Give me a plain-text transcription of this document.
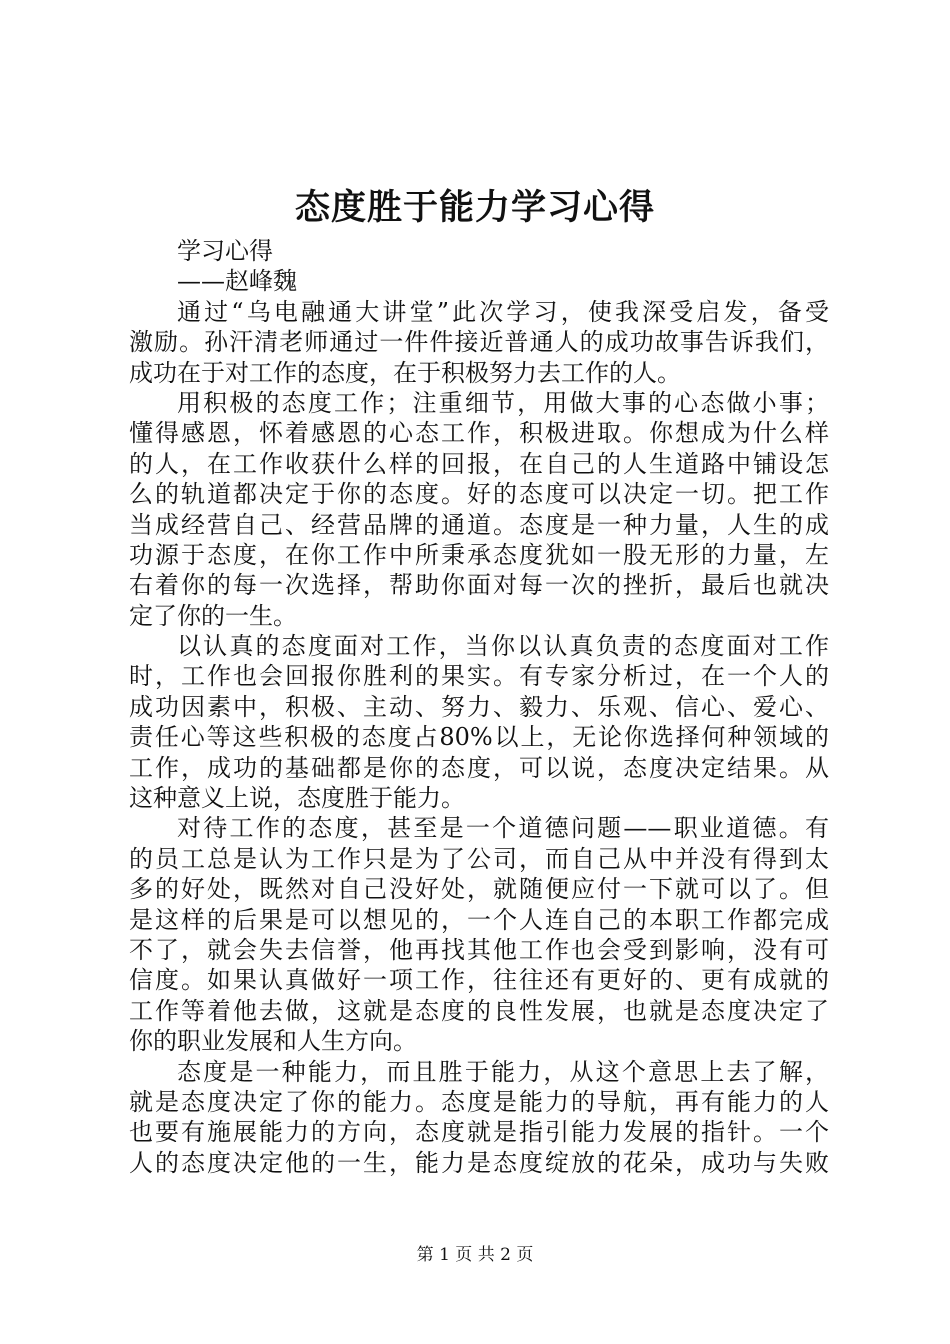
态度胜于能力学习心得
学习心得
——赵峰魏
通过“乌电融通大讲堂”此次学习，使我深受启发，备受
激励。孙汗清老师通过一件件接近普通人的成功故事告诉我们，
成功在于对工作的态度，在于积极努力去工作的人。
用积极的态度工作；注重细节，用做大事的心态做小事；
懂得感恩，怀着感恩的心态工作，积极进取。你想成为什么样
的人，在工作收获什么样的回报，在自己的人生道路中铺设怎
么的轨道都决定于你的态度。好的态度可以决定一切。把工作
当成经营自己、经营品牌的通道。态度是一种力量，人生的成
功源于态度，在你工作中所秉承态度犹如一股无形的力量，左
右着你的每一次选择，帮助你面对每一次的挫折，最后也就决
定了你的一生。
以认真的态度面对工作，当你以认真负责的态度面对工作
时，工作也会回报你胜利的果实。有专家分析过，在一个人的
成功因素中，积极、主动、努力、毅力、乐观、信心、爱心、
责任心等这些积极的态度占80%以上，无论你选择何种领域的
工作，成功的基础都是你的态度，可以说，态度决定结果。从
这种意义上说，态度胜于能力。
对待工作的态度，甚至是一个道德问题——职业道德。有
的员工总是认为工作只是为了公司，而自己从中并没有得到太
多的好处，既然对自己没好处，就随便应付一下就可以了。但
是这样的后果是可以想见的，一个人连自己的本职工作都完成
不了，就会失去信誉，他再找其他工作也会受到影响，没有可
信度。如果认真做好一项工作，往往还有更好的、更有成就的
工作等着他去做，这就是态度的良性发展，也就是态度决定了
你的职业发展和人生方向。
态度是一种能力，而且胜于能力，从这个意思上去了解，
就是态度决定了你的能力。态度是能力的导航，再有能力的人
也要有施展能力的方向，态度就是指引能力发展的指针。一个
人的态度决定他的一生，能力是态度绽放的花朵，成功与失败
第 1 页 共 2 页
